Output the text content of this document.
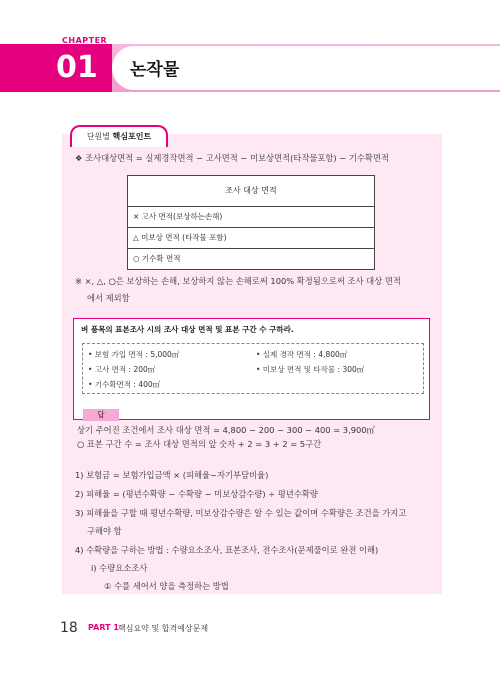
CHAPTER
01 논작물
단원별 핵심포인트
❖ 조사대상면적 = 실제경작면적 − 고사면적 − 미보상면적(타작물포함) − 기수확면적
조사 대상 면적
× 고사 면적(보상하는손해)
△ 미보상 면적 (타작물 포함)
○ 기수확 면적
※ ×, △, ○은 보상하는 손해, 보상하지 않는 손해로써 100% 확정됨으로써 조사 대상 면적
에서 제외함
벼 품목의 표본조사 시의 조사 대상 면적 및 표본 구간 수 구하라.
• 보험 가입 면적 : 5,000㎡	• 실제 경작 면적 : 4,800㎡
• 고사 면적 : 200㎡	• 미보상 면적 및 타작물 : 300㎡
• 기수확면적 : 400㎡
답
상기 주어진 조건에서 조사 대상 면적 = 4,800 − 200 − 300 − 400 = 3,900㎡
○ 표본 구간 수 = 조사 대상 면적의 앞 숫자 + 2 = 3 + 2 = 5구간
1) 보험금 = 보험가입금액 × (피해율−자기부담비율)
2) 피해율 = (평년수확량 − 수확량 − 미보상감수량) ÷ 평년수확량
3) 피해율을 구할 때 평년수확량, 미보상감수량은 알 수 있는 값이며 수확량은 조건을 가지고
구해야 함
4) 수확량을 구하는 방법 : 수량요소조사, 표본조사, 전수조사(문제풀이로 완전 이해)
ⅰ) 수량요소조사
① 수를 세어서 양을 측정하는 방법
18 PART 1 핵심요약 및 합격예상문제
